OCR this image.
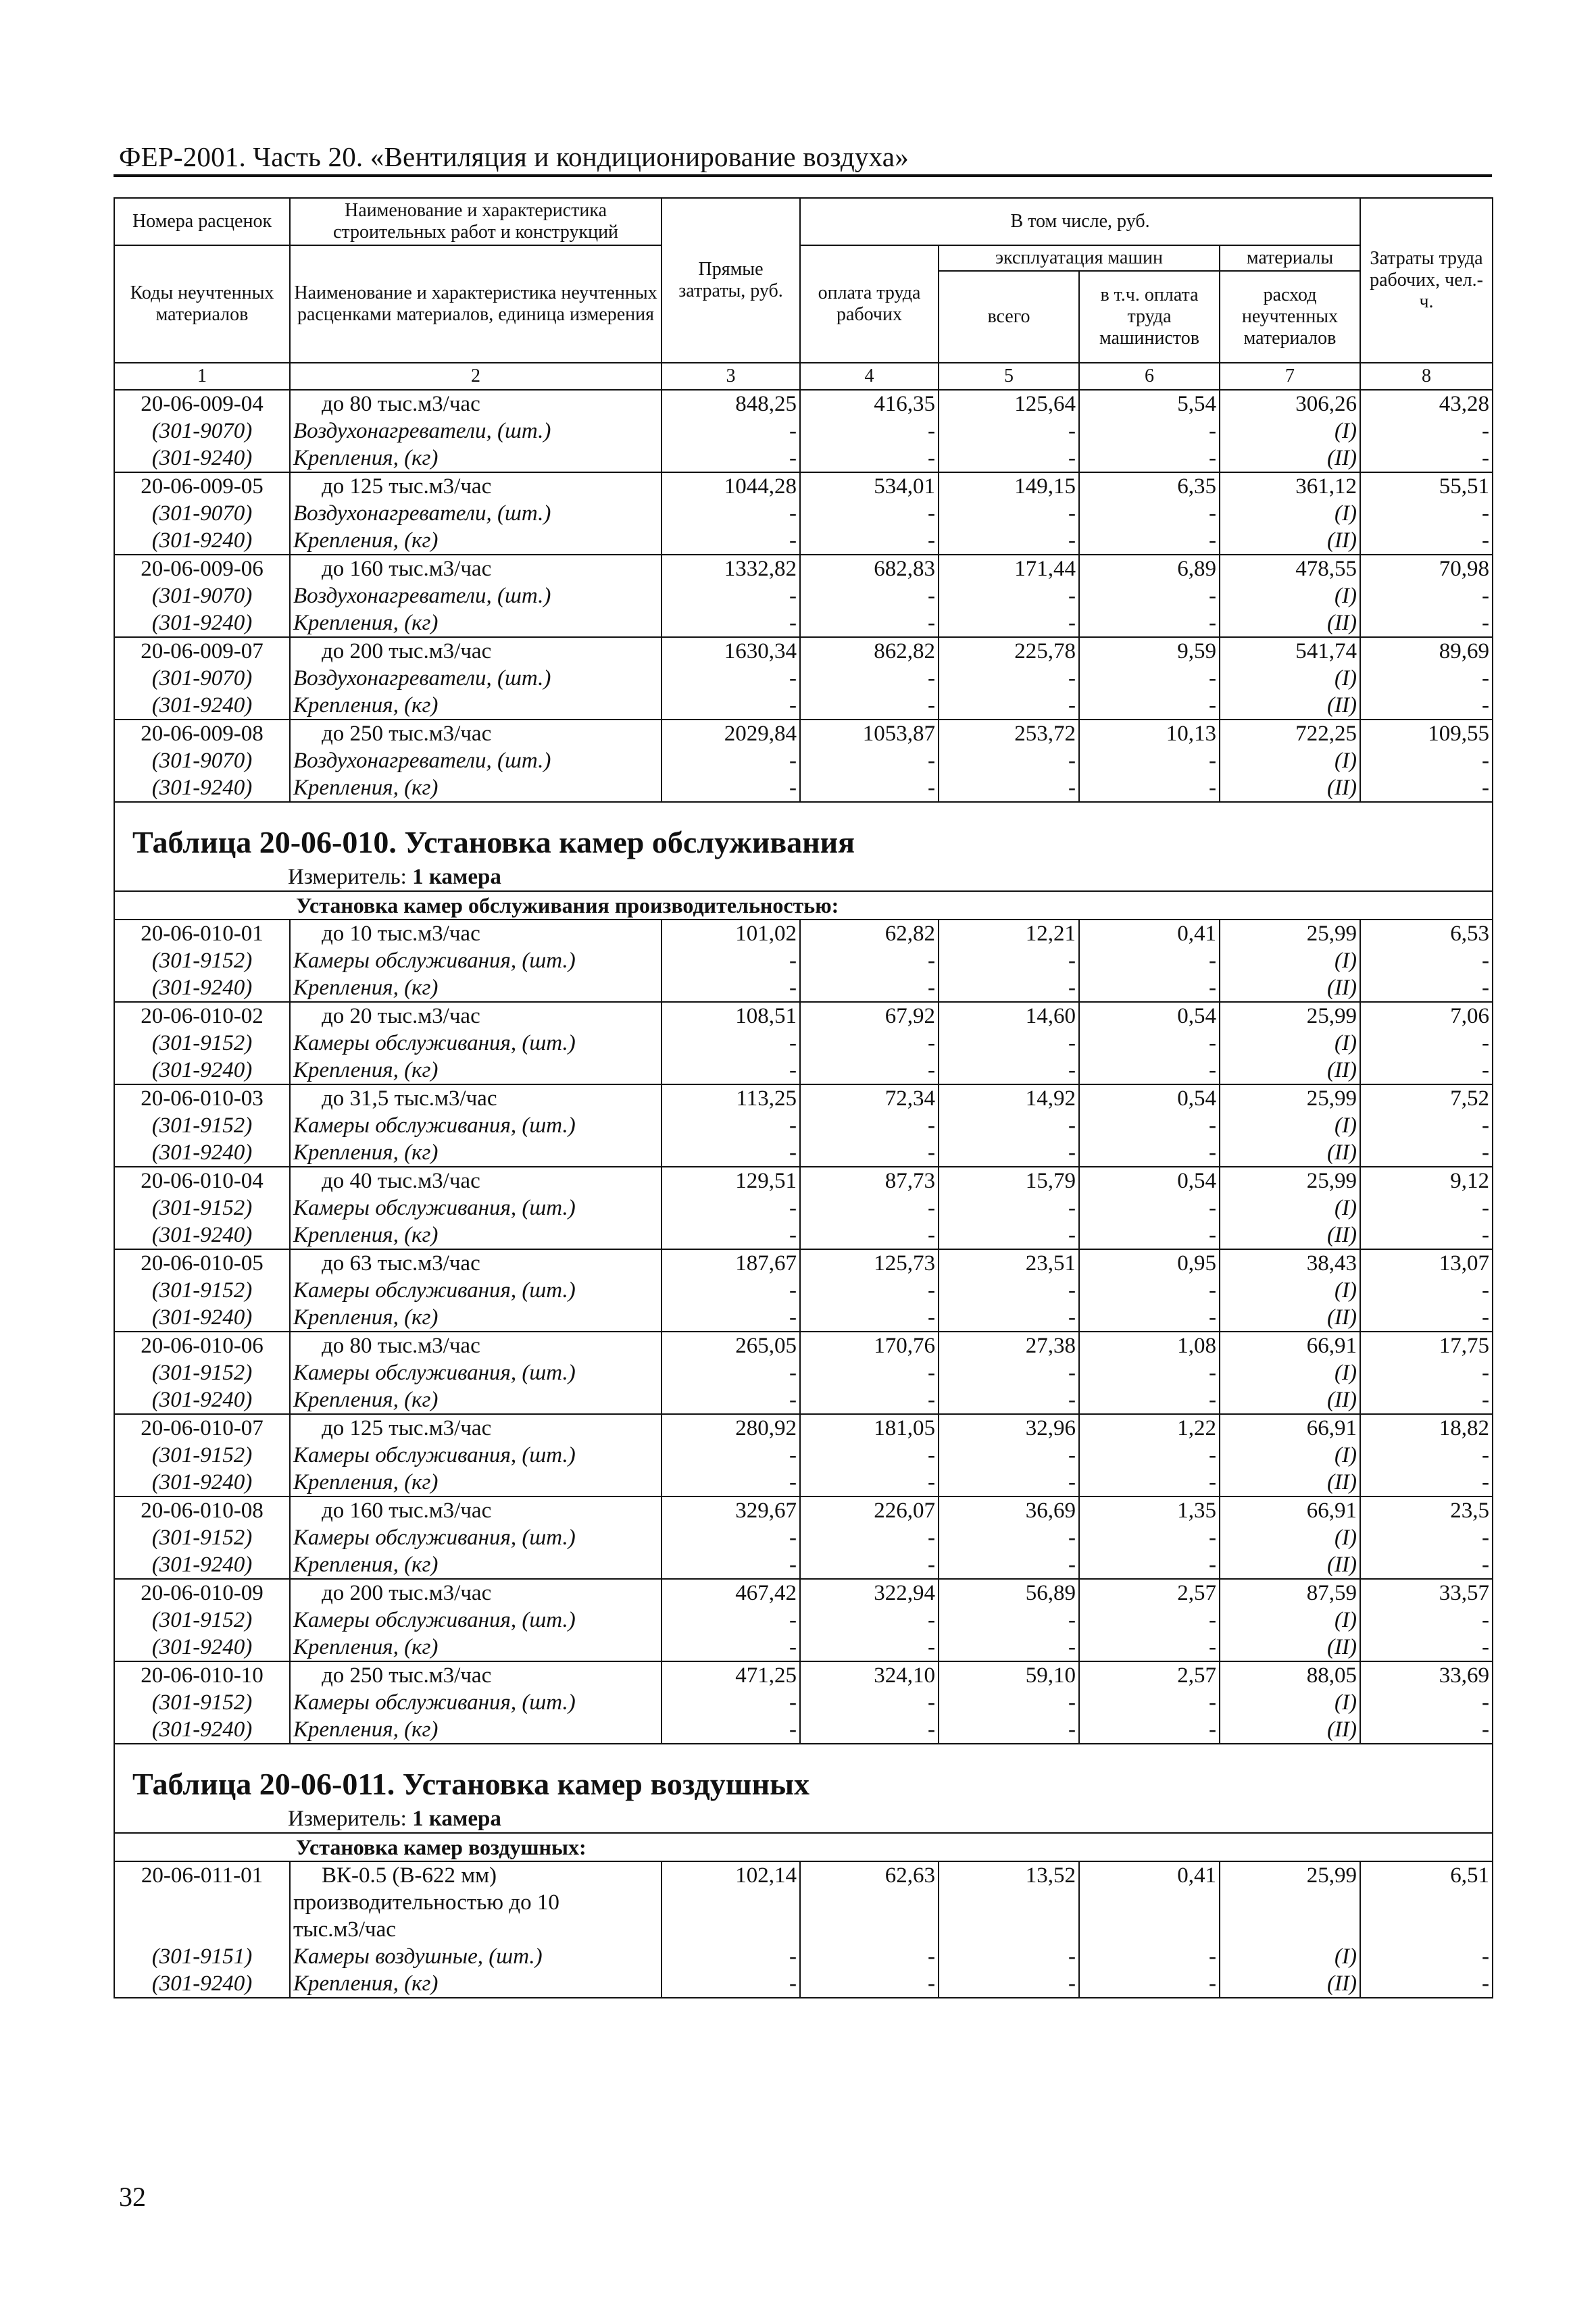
ФЕР-2001. Часть 20. «Вентиляция и кондиционирование воздуха»
Номера расценок	Наименование и характеристика строительных работ и конструкций	Прямые затраты, руб.	В том числе, руб.				Затраты труда рабочих, чел.-ч.
Коды неучтенных материалов	Наименование и характеристика неучтенных расценками материалов, единица измерения		оплата труда рабочих	эксплуатация машин		материалы	
				всего	в т.ч. оплата труда машинистов	расход неучтенных материалов	
1	2	3	4	5	6	7	8
20-06-009-04	до 80 тыс.м3/час	848,25	416,35	125,64	5,54	306,26	43,28
(301-9070)	Воздухонагреватели, (шт.)	-	-	-	-	(I)	-
(301-9240)	Крепления, (кг)	-	-	-	-	(II)	-
20-06-009-05	до 125 тыс.м3/час	1044,28	534,01	149,15	6,35	361,12	55,51
(301-9070)	Воздухонагреватели, (шт.)	-	-	-	-	(I)	-
(301-9240)	Крепления, (кг)	-	-	-	-	(II)	-
20-06-009-06	до 160 тыс.м3/час	1332,82	682,83	171,44	6,89	478,55	70,98
(301-9070)	Воздухонагреватели, (шт.)	-	-	-	-	(I)	-
(301-9240)	Крепления, (кг)	-	-	-	-	(II)	-
20-06-009-07	до 200 тыс.м3/час	1630,34	862,82	225,78	9,59	541,74	89,69
(301-9070)	Воздухонагреватели, (шт.)	-	-	-	-	(I)	-
(301-9240)	Крепления, (кг)	-	-	-	-	(II)	-
20-06-009-08	до 250 тыс.м3/час	2029,84	1053,87	253,72	10,13	722,25	109,55
(301-9070)	Воздухонагреватели, (шт.)	-	-	-	-	(I)	-
(301-9240)	Крепления, (кг)	-	-	-	-	(II)	-

Таблица 20-06-010. Установка камер обслуживания
Измеритель: 1 камера							

Установка камер обслуживания производительностью:							
20-06-010-01	до 10 тыс.м3/час	101,02	62,82	12,21	0,41	25,99	6,53
(301-9152)	Камеры обслуживания, (шт.)	-	-	-	-	(I)	-
(301-9240)	Крепления, (кг)	-	-	-	-	(II)	-
20-06-010-02	до 20 тыс.м3/час	108,51	67,92	14,60	0,54	25,99	7,06
(301-9152)	Камеры обслуживания, (шт.)	-	-	-	-	(I)	-
(301-9240)	Крепления, (кг)	-	-	-	-	(II)	-
20-06-010-03	до 31,5 тыс.м3/час	113,25	72,34	14,92	0,54	25,99	7,52
(301-9152)	Камеры обслуживания, (шт.)	-	-	-	-	(I)	-
(301-9240)	Крепления, (кг)	-	-	-	-	(II)	-
20-06-010-04	до 40 тыс.м3/час	129,51	87,73	15,79	0,54	25,99	9,12
(301-9152)	Камеры обслуживания, (шт.)	-	-	-	-	(I)	-
(301-9240)	Крепления, (кг)	-	-	-	-	(II)	-
20-06-010-05	до 63 тыс.м3/час	187,67	125,73	23,51	0,95	38,43	13,07
(301-9152)	Камеры обслуживания, (шт.)	-	-	-	-	(I)	-
(301-9240)	Крепления, (кг)	-	-	-	-	(II)	-
20-06-010-06	до 80 тыс.м3/час	265,05	170,76	27,38	1,08	66,91	17,75
(301-9152)	Камеры обслуживания, (шт.)	-	-	-	-	(I)	-
(301-9240)	Крепления, (кг)	-	-	-	-	(II)	-
20-06-010-07	до 125 тыс.м3/час	280,92	181,05	32,96	1,22	66,91	18,82
(301-9152)	Камеры обслуживания, (шт.)	-	-	-	-	(I)	-
(301-9240)	Крепления, (кг)	-	-	-	-	(II)	-
20-06-010-08	до 160 тыс.м3/час	329,67	226,07	36,69	1,35	66,91	23,5
(301-9152)	Камеры обслуживания, (шт.)	-	-	-	-	(I)	-
(301-9240)	Крепления, (кг)	-	-	-	-	(II)	-
20-06-010-09	до 200 тыс.м3/час	467,42	322,94	56,89	2,57	87,59	33,57
(301-9152)	Камеры обслуживания, (шт.)	-	-	-	-	(I)	-
(301-9240)	Крепления, (кг)	-	-	-	-	(II)	-
20-06-010-10	до 250 тыс.м3/час	471,25	324,10	59,10	2,57	88,05	33,69
(301-9152)	Камеры обслуживания, (шт.)	-	-	-	-	(I)	-
(301-9240)	Крепления, (кг)	-	-	-	-	(II)	-

Таблица 20-06-011. Установка камер воздушных
Измеритель: 1 камера							

Установка камер воздушных:							
20-06-011-01	ВК-0.5 (В-622 мм)	102,14	62,63	13,52	0,41	25,99	6,51
	производительностью до 10						
	тыс.м3/час						
(301-9151)	Камеры воздушные, (шт.)	-	-	-	-	(I)	-
(301-9240)	Крепления, (кг)	-	-	-	-	(II)	-
32
